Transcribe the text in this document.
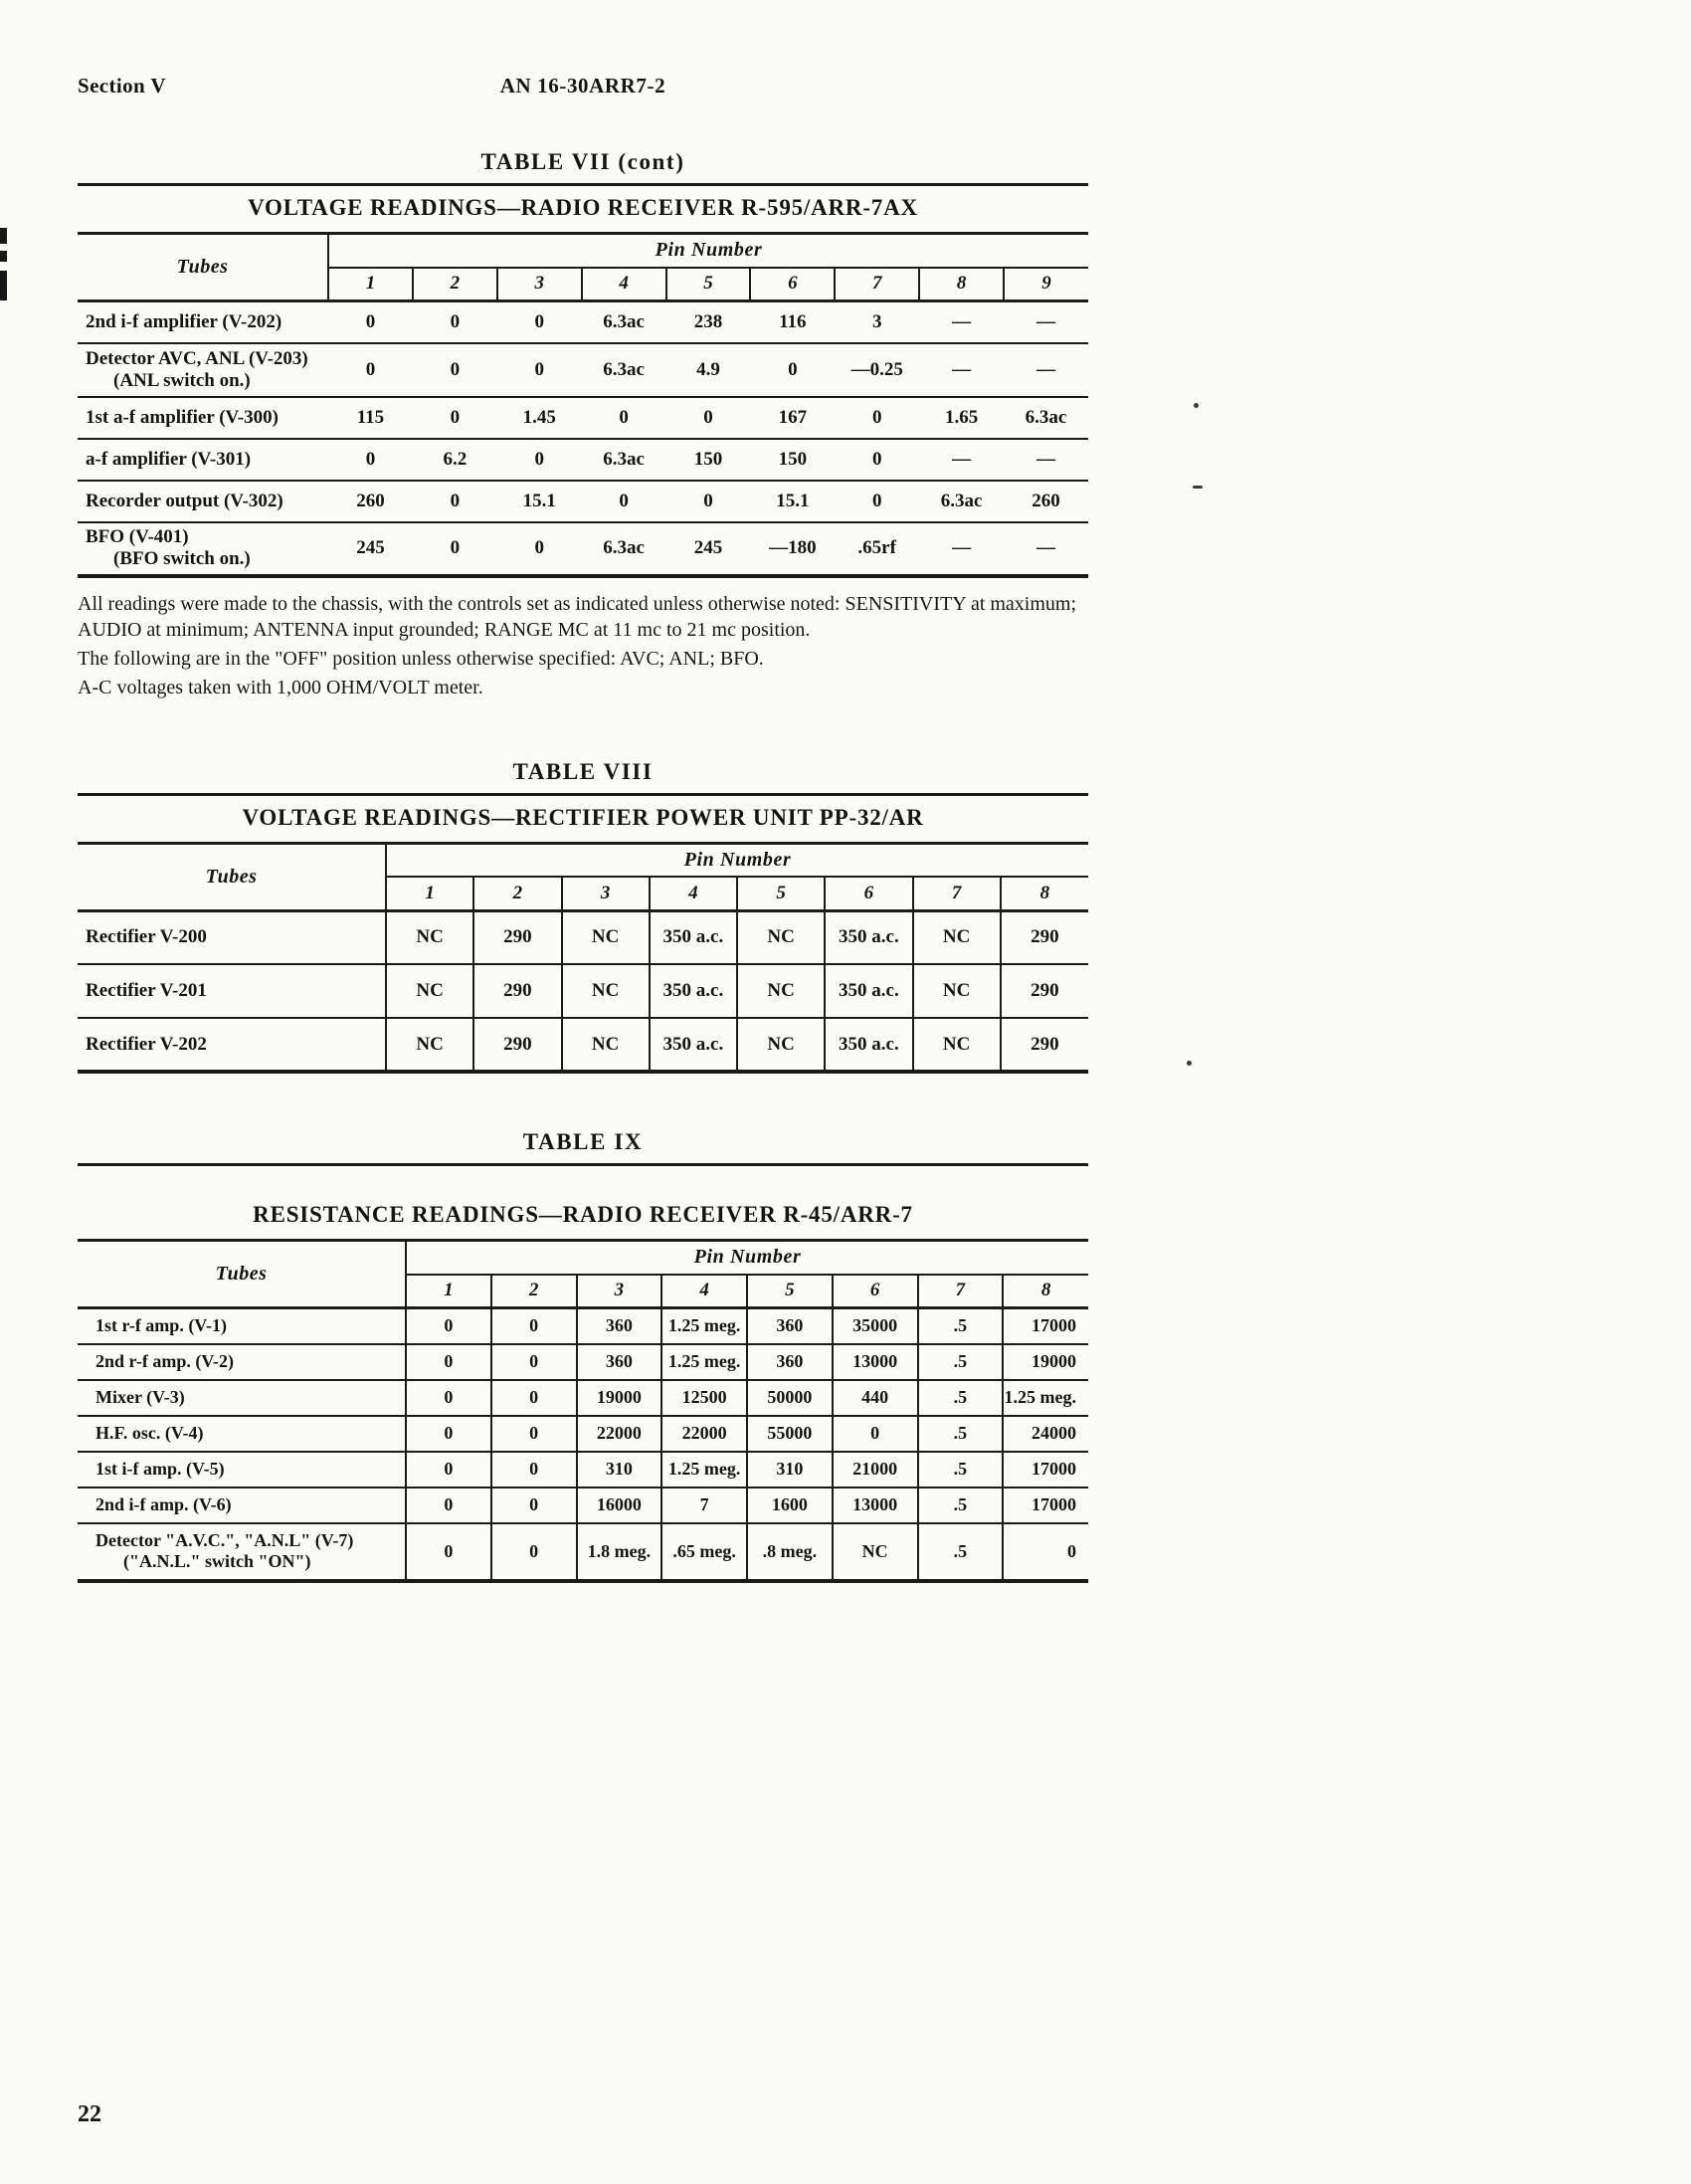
Section V	AN 16-30ARR7-2
TABLE VII (cont)
VOLTAGE READINGS—RADIO RECEIVER R-595/ARR-7AX
Tubes	Pin Number								
	1	2	3	4	5	6	7	8	9

2nd i-f amplifier (V-202)	0	0	0	6.3ac	238	116	3	—	—

Detector AVC, ANL (V-203)
(ANL switch on.)	0	0	0	6.3ac	4.9	0	—0.25	—	—

1st a-f amplifier (V-300)	115	0	1.45	0	0	167	0	1.65	6.3ac

a-f amplifier (V-301)	0	6.2	0	6.3ac	150	150	0	—	—

Recorder output (V-302)	260	0	15.1	0	0	15.1	0	6.3ac	260

BFO (V-401)
(BFO switch on.)	245	0	0	6.3ac	245	—180	.65rf	—	—

All readings were made to the chassis, with the controls set as indicated unless otherwise noted: SENSITIVITY at maximum; AUDIO at minimum; ANTENNA input grounded; RANGE MC at 11 mc to 21 mc position.

The following are in the "OFF" position unless otherwise specified: AVC; ANL; BFO.

A-C voltages taken with 1,000 OHM/VOLT meter.

TABLE VIII
VOLTAGE READINGS—RECTIFIER POWER UNIT PP-32/AR
Tubes	Pin Number							
	1	2	3	4	5	6	7	8

Rectifier V-200	NC	290	NC	350 a.c.	NC	350 a.c.	NC	290

Rectifier V-201	NC	290	NC	350 a.c.	NC	350 a.c.	NC	290

Rectifier V-202	NC	290	NC	350 a.c.	NC	350 a.c.	NC	290
TABLE IX
RESISTANCE READINGS—RADIO RECEIVER R-45/ARR-7
Tubes	Pin Number							
	1	2	3	4	5	6	7	8

1st r-f amp. (V-1)	0	0	360	1.25 meg.	360	35000	.5	17000

2nd r-f amp. (V-2)	0	0	360	1.25 meg.	360	13000	.5	19000

Mixer (V-3)	0	0	19000	12500	50000	440	.5	1.25 meg.

H.F. osc. (V-4)	0	0	22000	22000	55000	0	.5	24000

1st i-f amp. (V-5)	0	0	310	1.25 meg.	310	21000	.5	17000

2nd i-f amp. (V-6)	0	0	16000	7	1600	13000	.5	17000

Detector "A.V.C.", "A.N.L" (V-7)
("A.N.L." switch "ON")	0	0	1.8 meg.	.65 meg.	.8 meg.	NC	.5	0
22
